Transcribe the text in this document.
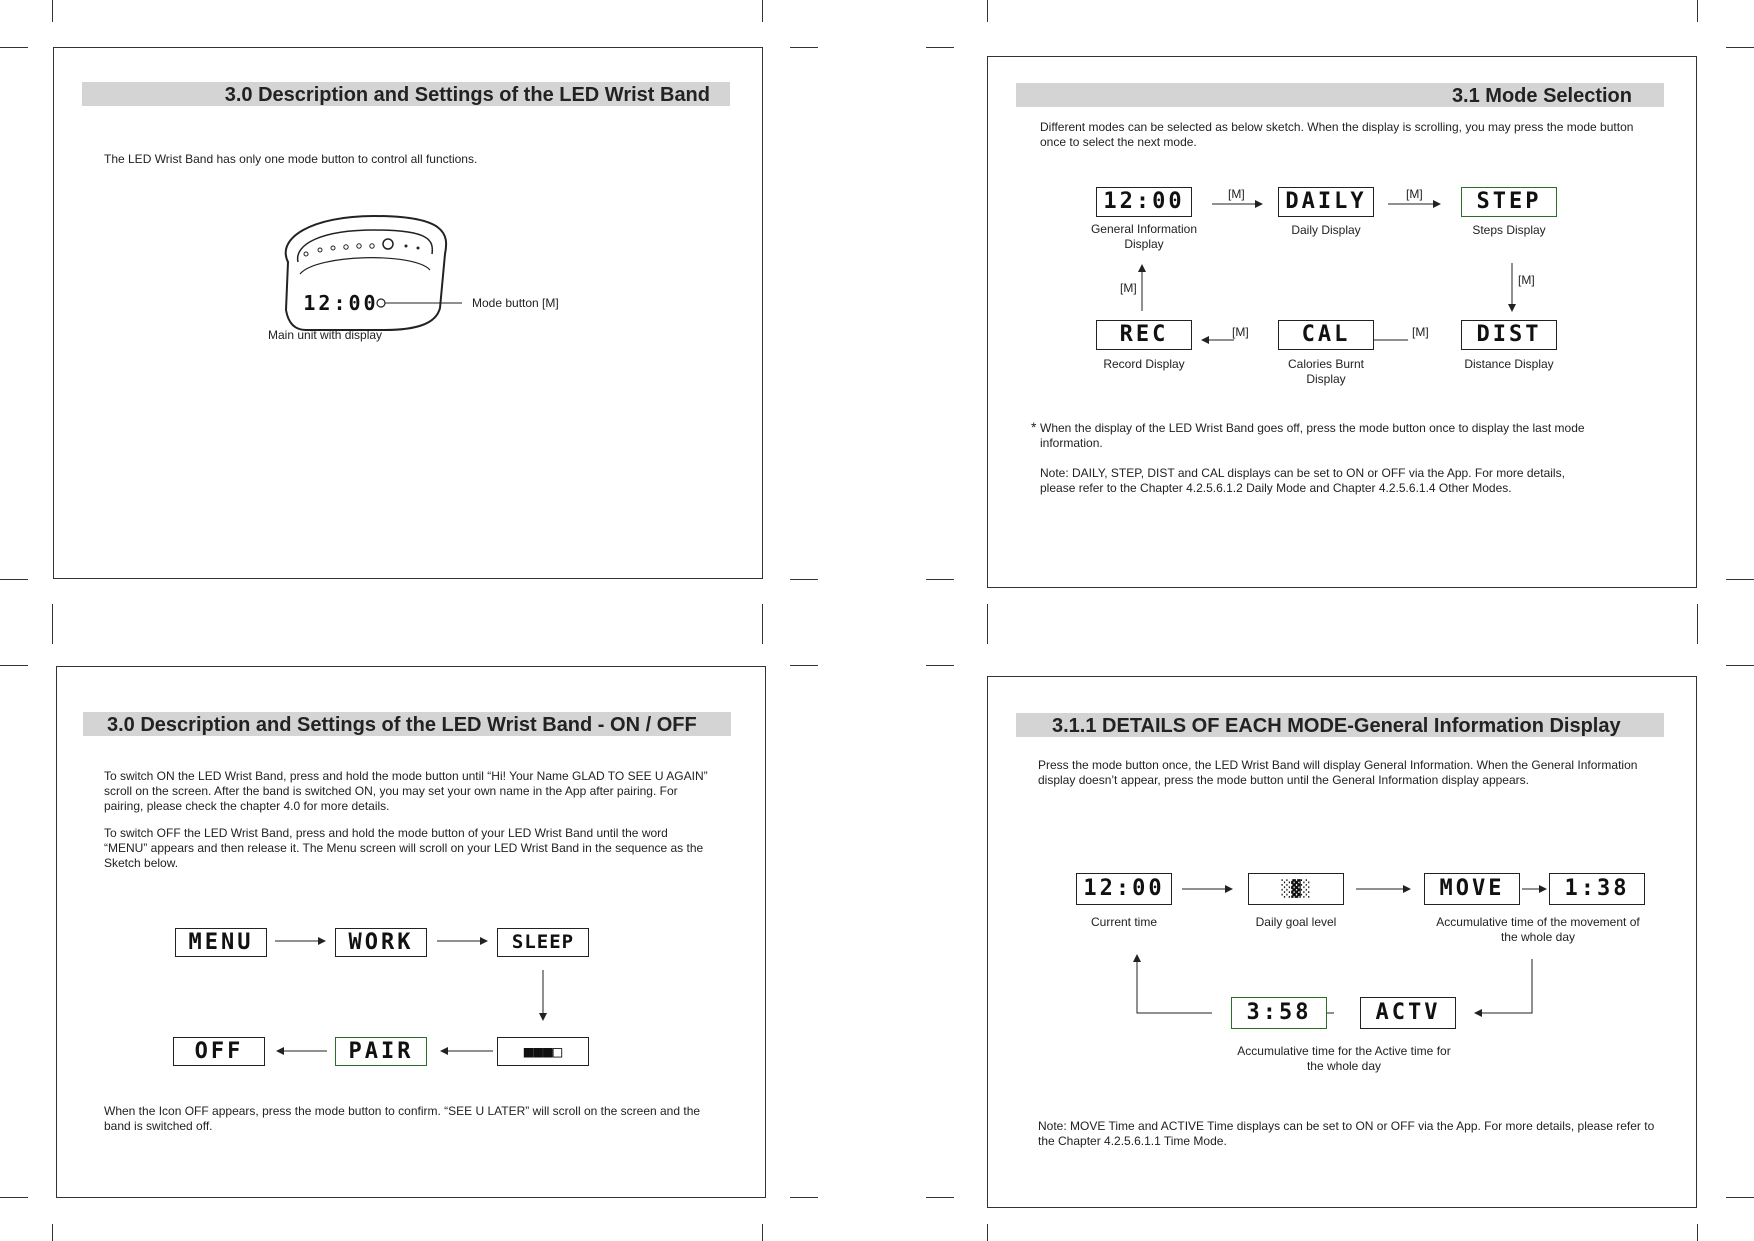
3.0 Description and Settings of the LED Wrist Band
The LED Wrist Band has only one mode button to control all functions.
12:00	Mode button [M]
Main unit with display
3.1 Mode Selection
Different modes can be selected as below sketch. When the display is scrolling, you may press the mode button once to select the next mode.
[M]	[M]
[M]
[M]
[M]
[M]
12:00	DAILY	STEP
DIST
CAL
REC
General Information Display
Daily Display	Steps Display
Distance Display
Calories Burnt Display
Record Display
* When the display of the LED Wrist Band goes off, press the mode button once to display the last mode information.
Note: DAILY, STEP, DIST and CAL displays can be set to ON or OFF via the App. For more details, please refer to the Chapter 4.2.5.6.1.2 Daily Mode and Chapter 4.2.5.6.1.4 Other Modes.
3.0 Description and Settings of the LED Wrist Band - ON / OFF
To switch ON the LED Wrist Band, press and hold the mode button until “Hi! Your Name GLAD TO SEE U AGAIN” scroll on the screen. After the band is switched ON, you may set your own name in the App after pairing. For pairing, please check the chapter 4.0 for more details.
To switch OFF the LED Wrist Band, press and hold the mode button of your LED Wrist Band until the word “MENU” appears and then release it. The Menu screen will scroll on your LED Wrist Band in the sequence as the Sketch below.
MENU	WORK	SLEEP
■■■□
PAIR
OFF
When the Icon OFF appears, press the mode button to confirm. “SEE U LATER” will scroll on the screen and the band is switched off.
3.1.1 DETAILS OF EACH MODE-General Information Display
Press the mode button once, the LED Wrist Band will display General Information. When the General Information display doesn’t appear, press the mode button until the General Information display appears.
12:00	░▓░	MOVE	1:38
ACTV
3:58
Current time	Daily goal level	Accumulative time of the movement of the whole day
Accumulative time for the Active time for the whole day
Note: MOVE Time and ACTIVE Time displays can be set to ON or OFF via the App. For more details, please refer to the Chapter 4.2.5.6.1.1 Time Mode.
